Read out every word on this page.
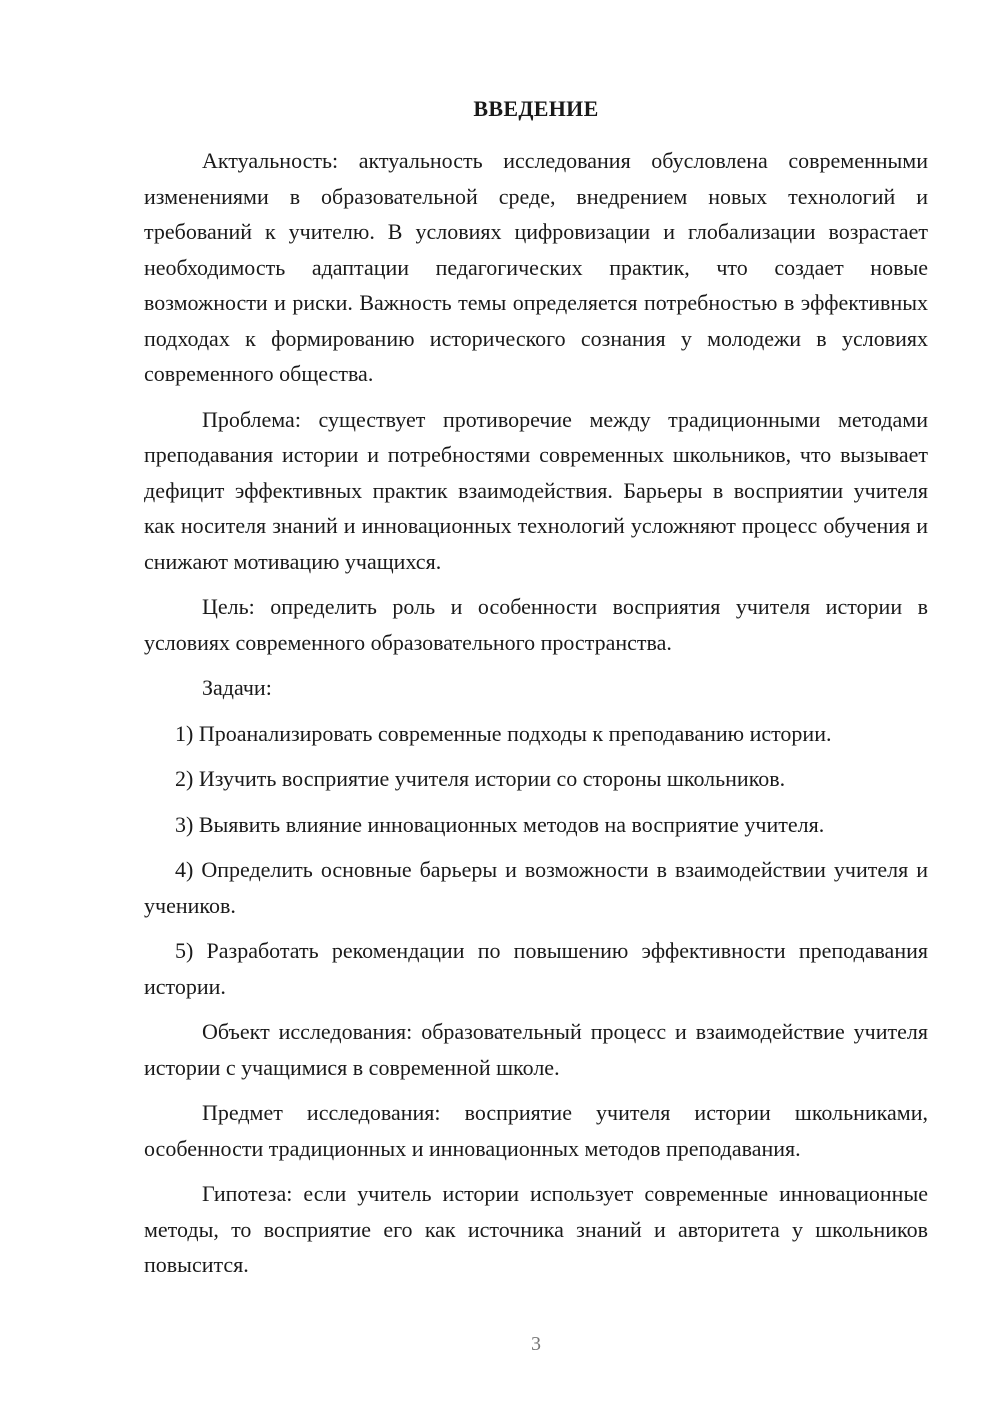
ВВЕДЕНИЕ

Актуальность: актуальность исследования обусловлена современными изменениями в образовательной среде, внедрением новых технологий и требований к учителю. В условиях цифровизации и глобализации возрастает необходимость адаптации педагогических практик, что создает новые возможности и риски. Важность темы определяется потребностью в эффективных подходах к формированию исторического сознания у молодежи в условиях современного общества.

Проблема: существует противоречие между традиционными методами преподавания истории и потребностями современных школьников, что вызывает дефицит эффективных практик взаимодействия. Барьеры в восприятии учителя как носителя знаний и инновационных технологий усложняют процесс обучения и снижают мотивацию учащихся.

Цель: определить роль и особенности восприятия учителя истории в условиях современного образовательного пространства.

Задачи:

1) Проанализировать современные подходы к преподаванию истории.

2) Изучить восприятие учителя истории со стороны школьников.

3) Выявить влияние инновационных методов на восприятие учителя.

4) Определить основные барьеры и возможности в взаимодействии учителя и учеников.

5) Разработать рекомендации по повышению эффективности преподавания истории.

Объект исследования: образовательный процесс и взаимодействие учителя истории с учащимися в современной школе.

Предмет исследования: восприятие учителя истории школьниками, особенности традиционных и инновационных методов преподавания.

Гипотеза: если учитель истории использует современные инновационные методы, то восприятие его как источника знаний и авторитета у школьников повысится.

3
